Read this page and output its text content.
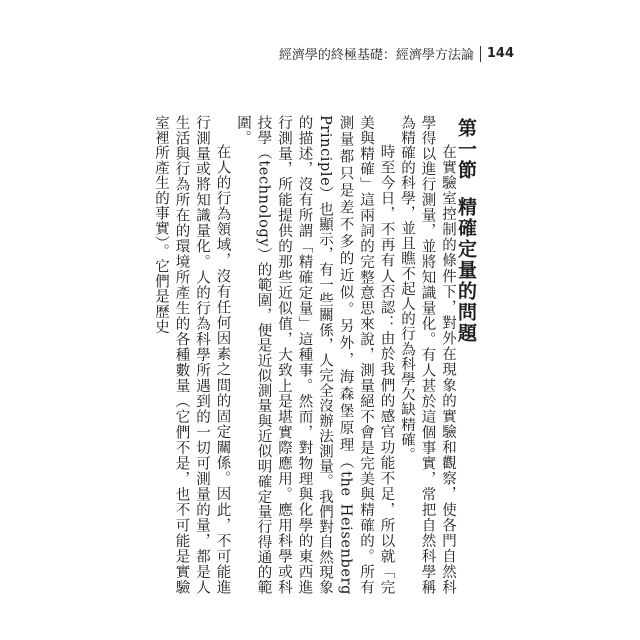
經濟學的終極基礎：經濟學方法論 144
第一節精確定量的問題

在實驗室控制的條件下，對外在現象的實驗和觀察，使各門自然科學得以進行測量，並將知識量化。有人甚於這個事實，常把自然科學稱為精確的科學，並且瞧不起人的行為科學欠缺精確。

時至今日，不再有人否認：由於我們的感官功能不足，所以就「完美與精確」這兩詞的完整意思來說，測量絕不會是完美與精確的。所有測量都只是差不多的近似。另外，海森堡原理（the Heisenberg Principle）也顯示，有一些關係，人完全沒辦法測量。我們對自然現象的描述，沒有所謂「精確定量」這種事。然而，對物理與化學的東西進行測量，所能提供的那些近似值，大致上是堪實際應用。應用科學或科技學（technology）的範圍，便是近似測量與近似明確定量行得通的範圍。

在人的行為領域，沒有任何因素之間的固定關係。因此，不可能進行測量或將知識量化。人的行為科學所遇到的一切可測量的量，都是人生活與行為所在的環境所產生的各種數量（它們不是，也不可能是實驗室裡所產生的事實）。它們是歷史
